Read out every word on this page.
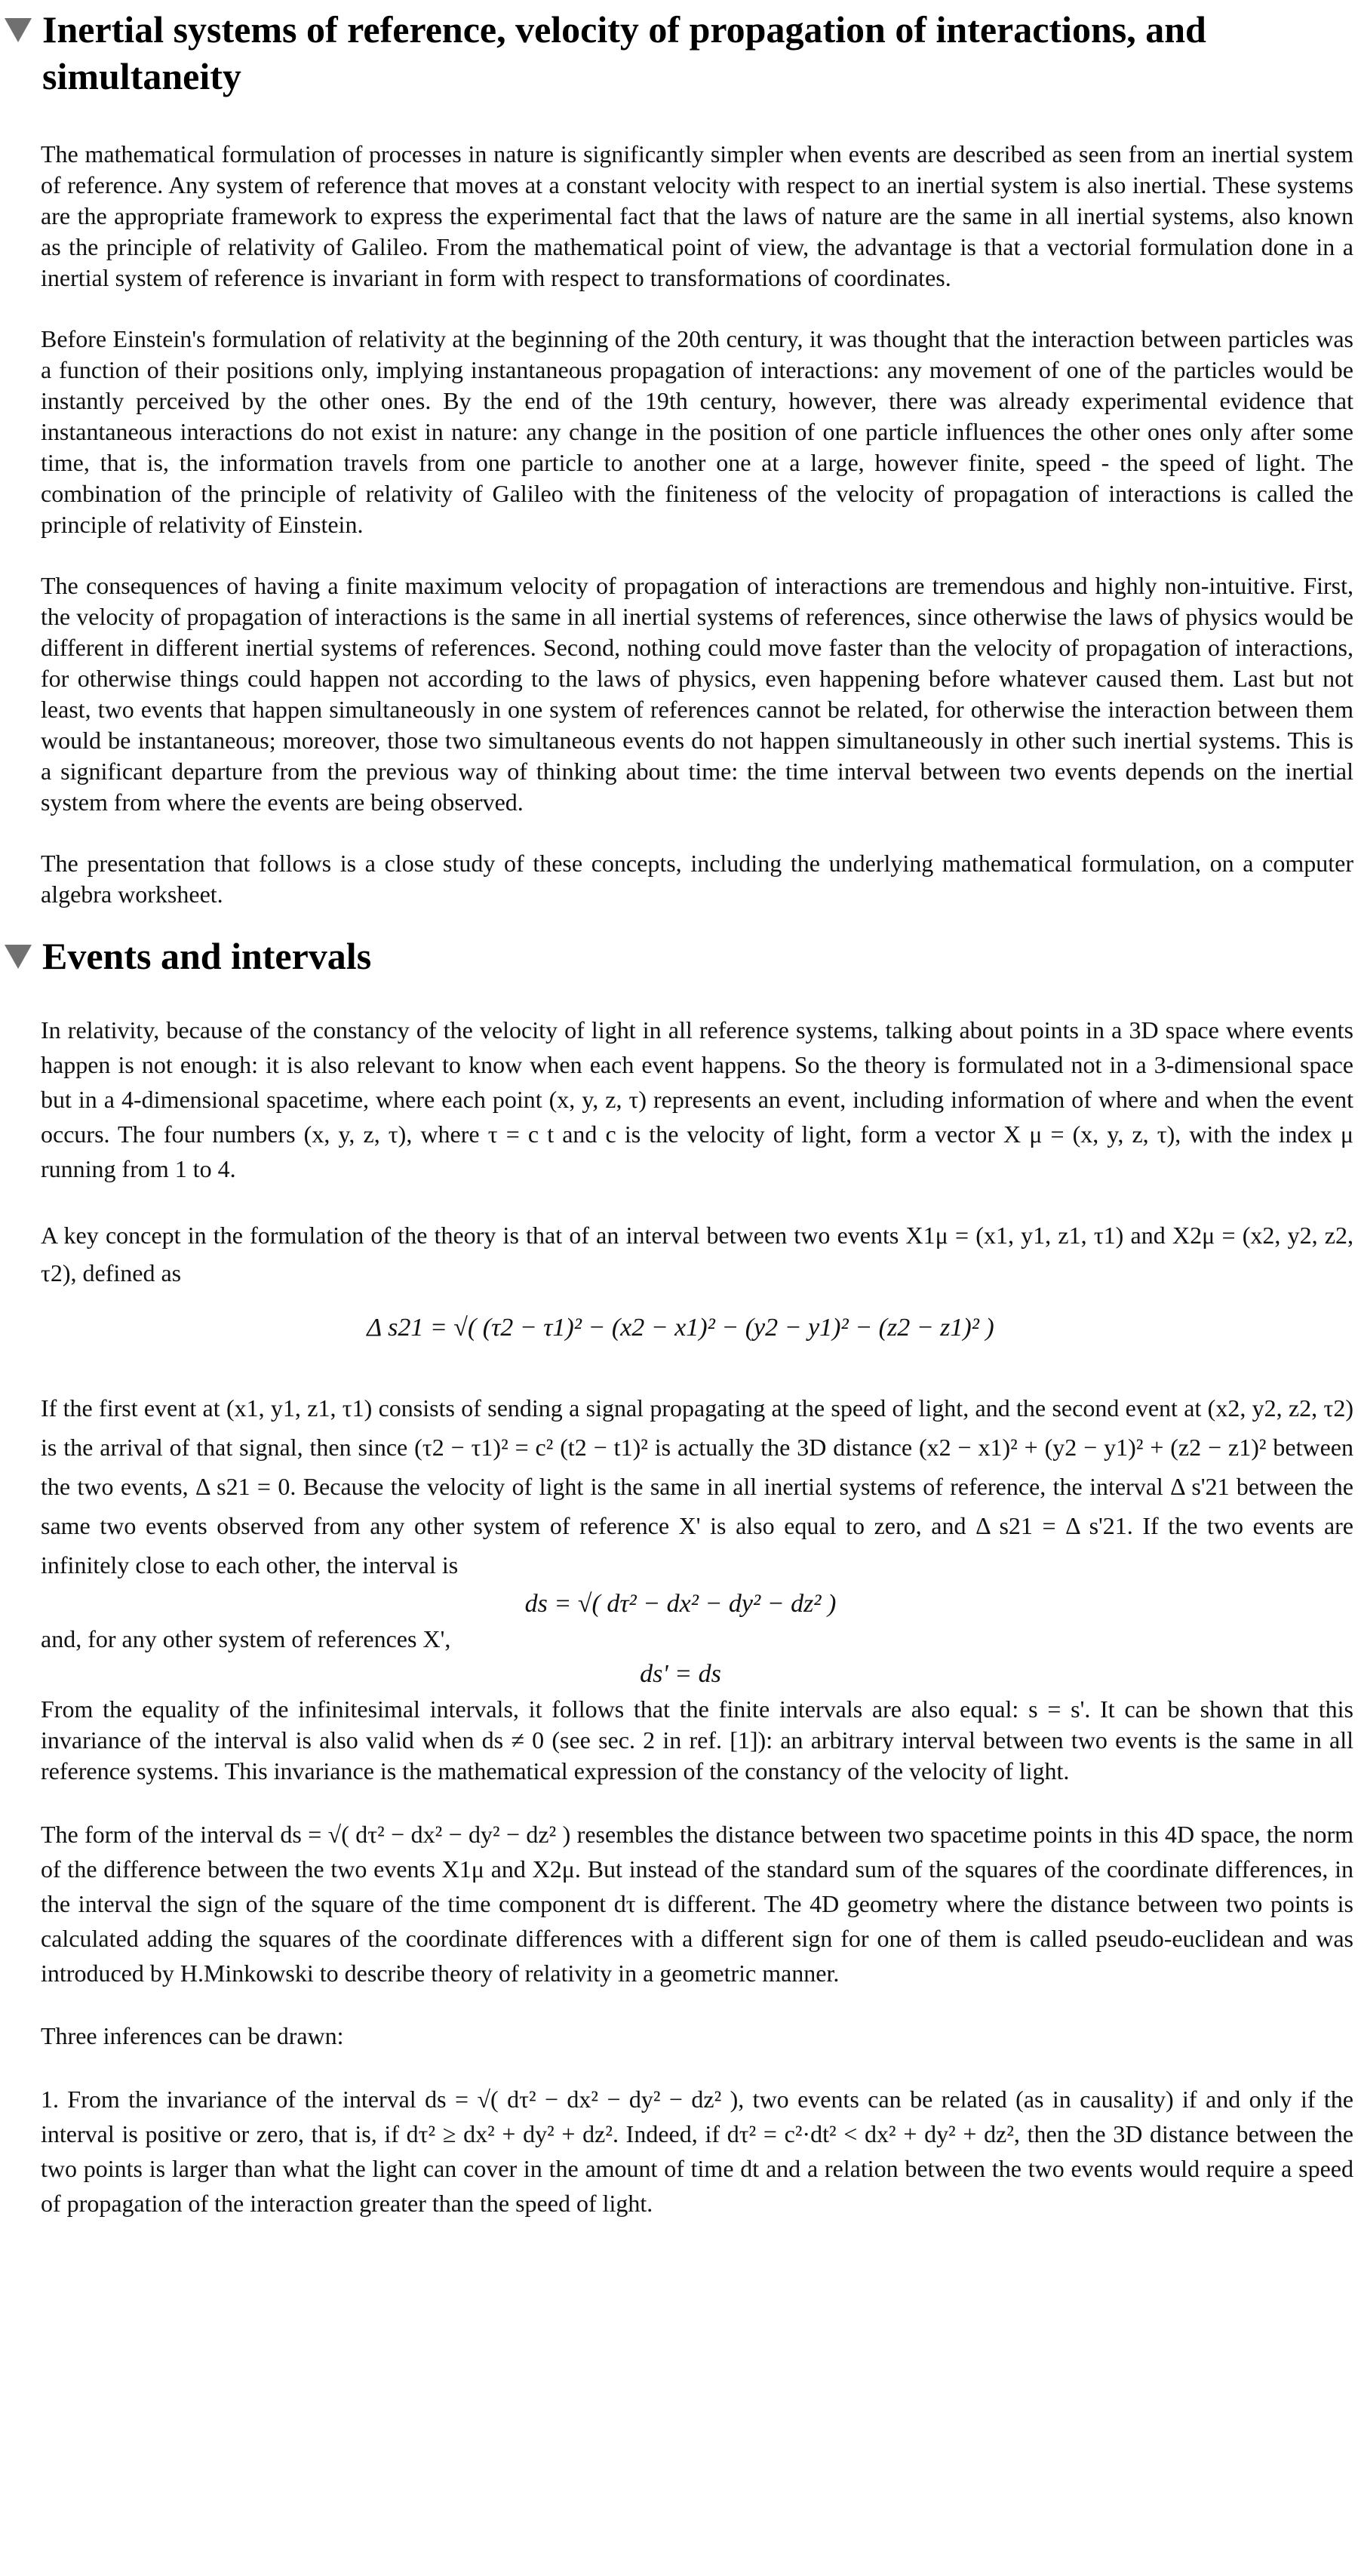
Inertial systems of reference, velocity of propagation of interactions, and simultaneity
The mathematical formulation of processes in nature is significantly simpler when events are described as seen from an inertial system of reference. Any system of reference that moves at a constant velocity with respect to an inertial system is also inertial. These systems are the appropriate framework to express the experimental fact that the laws of nature are the same in all inertial systems, also known as the principle of relativity of Galileo. From the mathematical point of view, the advantage is that a vectorial formulation done in a inertial system of reference is invariant in form with respect to transformations of coordinates.
Before Einstein's formulation of relativity at the beginning of the 20th century, it was thought that the interaction between particles was a function of their positions only, implying instantaneous propagation of interactions: any movement of one of the particles would be instantly perceived by the other ones. By the end of the 19th century, however, there was already experimental evidence that instantaneous interactions do not exist in nature: any change in the position of one particle influences the other ones only after some time, that is, the information travels from one particle to another one at a large, however finite, speed - the speed of light. The combination of the principle of relativity of Galileo with the finiteness of the velocity of propagation of interactions is called the principle of relativity of Einstein.
The consequences of having a finite maximum velocity of propagation of interactions are tremendous and highly non-intuitive. First, the velocity of propagation of interactions is the same in all inertial systems of references, since otherwise the laws of physics would be different in different inertial systems of references. Second, nothing could move faster than the velocity of propagation of interactions, for otherwise things could happen not according to the laws of physics, even happening before whatever caused them. Last but not least, two events that happen simultaneously in one system of references cannot be related, for otherwise the interaction between them would be instantaneous; moreover, those two simultaneous events do not happen simultaneously in other such inertial systems. This is a significant departure from the previous way of thinking about time: the time interval between two events depends on the inertial system from where the events are being observed.
The presentation that follows is a close study of these concepts, including the underlying mathematical formulation, on a computer algebra worksheet.
Events and intervals
In relativity, because of the constancy of the velocity of light in all reference systems, talking about points in a 3D space where events happen is not enough: it is also relevant to know when each event happens. So the theory is formulated not in a 3-dimensional space but in a 4-dimensional spacetime, where each point (x, y, z, τ) represents an event, including information of where and when the event occurs. The four numbers (x, y, z, τ), where τ = c t and c is the velocity of light, form a vector X μ = (x, y, z, τ), with the index μ running from 1 to 4.
A key concept in the formulation of the theory is that of an interval between two events X1μ = (x1, y1, z1, τ1) and X2μ = (x2, y2, z2, τ2), defined as
Δ s21 = √( (τ2 − τ1)² − (x2 − x1)² − (y2 − y1)² − (z2 − z1)² )
If the first event at (x1, y1, z1, τ1) consists of sending a signal propagating at the speed of light, and the second event at (x2, y2, z2, τ2) is the arrival of that signal, then since (τ2 − τ1)² = c² (t2 − t1)² is actually the 3D distance (x2 − x1)² + (y2 − y1)² + (z2 − z1)² between the two events, Δ s21 = 0. Because the velocity of light is the same in all inertial systems of reference, the interval Δ s'21 between the same two events observed from any other system of reference X' is also equal to zero, and Δ s21 = Δ s'21. If the two events are infinitely close to each other, the interval is
ds = √( dτ² − dx² − dy² − dz² )
and, for any other system of references X',
ds' = ds
From the equality of the infinitesimal intervals, it follows that the finite intervals are also equal: s = s'. It can be shown that this invariance of the interval is also valid when ds ≠ 0 (see sec. 2 in ref. [1]): an arbitrary interval between two events is the same in all reference systems. This invariance is the mathematical expression of the constancy of the velocity of light.
The form of the interval ds = √( dτ² − dx² − dy² − dz² ) resembles the distance between two spacetime points in this 4D space, the norm of the difference between the two events X1μ and X2μ. But instead of the standard sum of the squares of the coordinate differences, in the interval the sign of the square of the time component dτ is different. The 4D geometry where the distance between two points is calculated adding the squares of the coordinate differences with a different sign for one of them is called pseudo-euclidean and was introduced by H.Minkowski to describe theory of relativity in a geometric manner.
Three inferences can be drawn:
1. From the invariance of the interval ds = √( dτ² − dx² − dy² − dz² ), two events can be related (as in causality) if and only if the interval is positive or zero, that is, if dτ² ≥ dx² + dy² + dz². Indeed, if dτ² = c²·dt² < dx² + dy² + dz², then the 3D distance between the two points is larger than what the light can cover in the amount of time dt and a relation between the two events would require a speed of propagation of the interaction greater than the speed of light.
